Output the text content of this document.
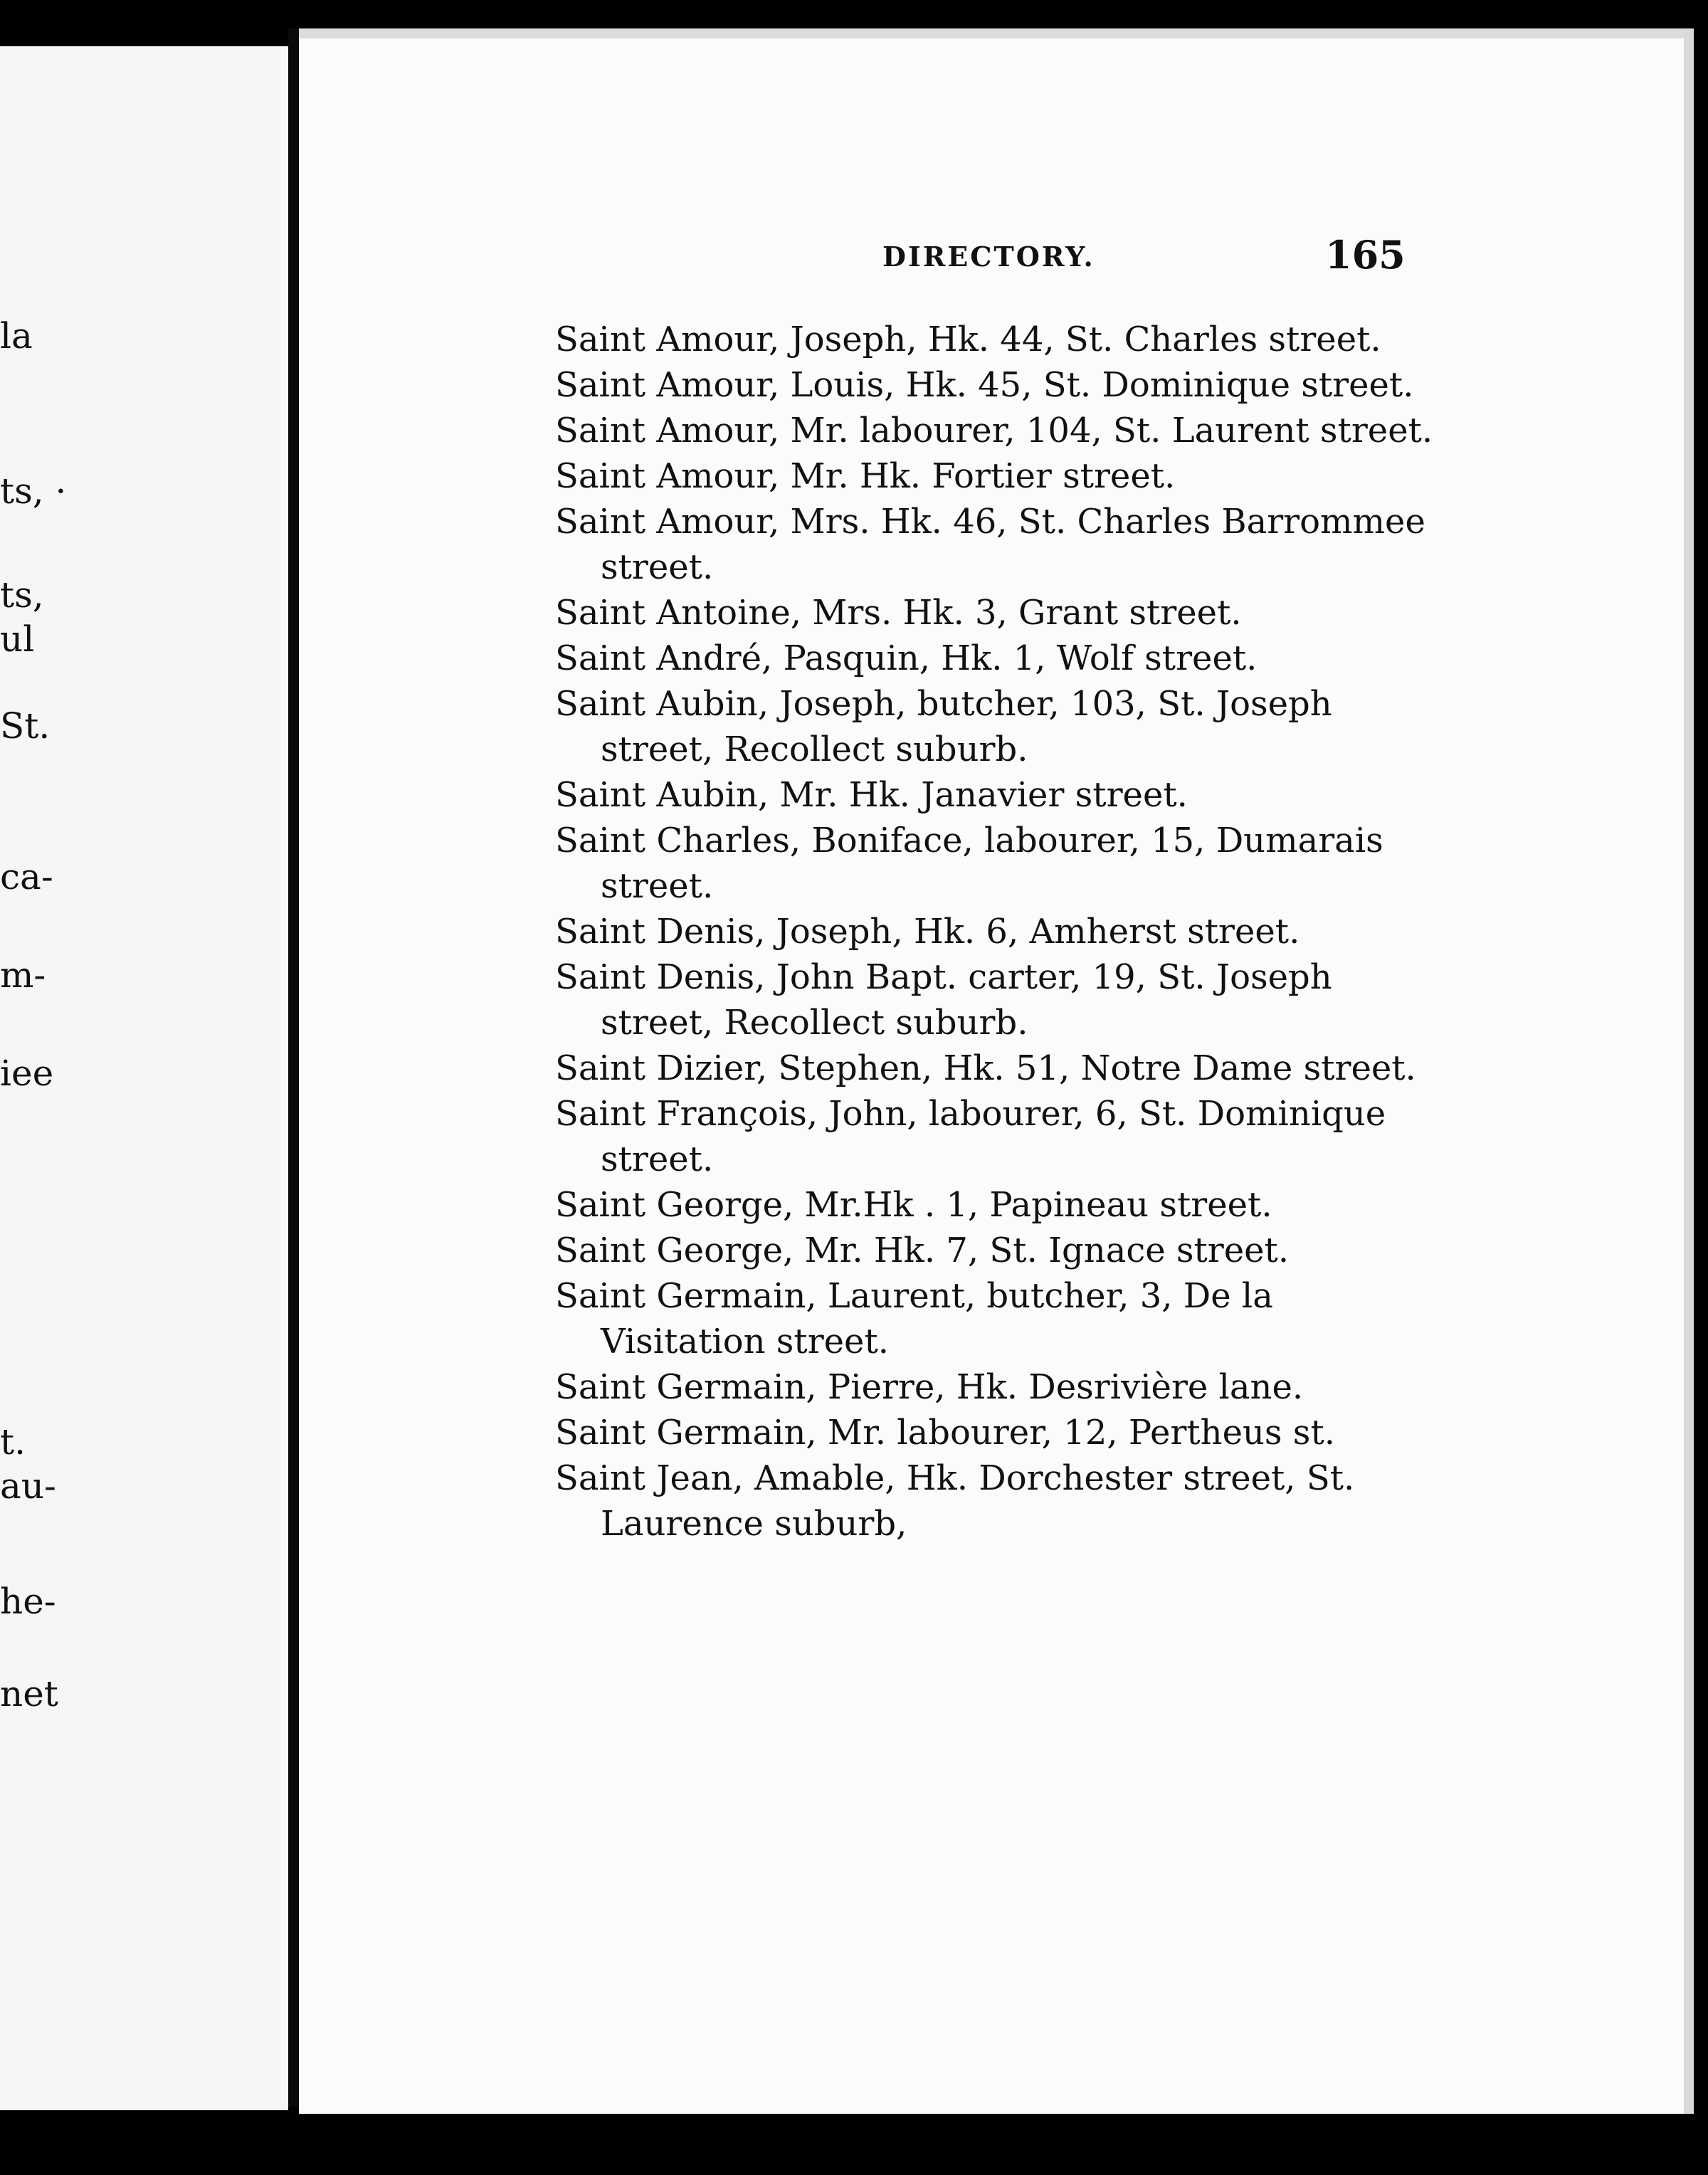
la
ts, ·
ts,
ul
St.
ca-
m-
iee
t.
au-
he-
net
DIRECTORY.	165
Saint Amour, Joseph, Hk. 44, St. Charles street.
Saint Amour, Louis, Hk. 45, St. Dominique street.
Saint Amour, Mr. labourer, 104, St. Laurent street.
Saint Amour, Mr. Hk. Fortier street.
Saint Amour, Mrs. Hk. 46, St. Charles Barrommee street.
Saint Antoine, Mrs. Hk. 3, Grant street.
Saint André, Pasquin, Hk. 1, Wolf street.
Saint Aubin, Joseph, butcher, 103, St. Joseph street, Recollect suburb.
Saint Aubin, Mr. Hk. Janavier street.
Saint Charles, Boniface, labourer, 15, Dumarais street.
Saint Denis, Joseph, Hk. 6, Amherst street.
Saint Denis, John Bapt. carter, 19, St. Joseph street, Recollect suburb.
Saint Dizier, Stephen, Hk. 51, Notre Dame street.
Saint François, John, labourer, 6, St. Dominique street.
Saint George, Mr.Hk . 1, Papineau street.
Saint George, Mr. Hk. 7, St. Ignace street.
Saint Germain, Laurent, butcher, 3, De la Visitation street.
Saint Germain, Pierre, Hk. Desrivière lane.
Saint Germain, Mr. labourer, 12, Pertheus st.
Saint Jean, Amable, Hk. Dorchester street, St. Laurence suburb,
